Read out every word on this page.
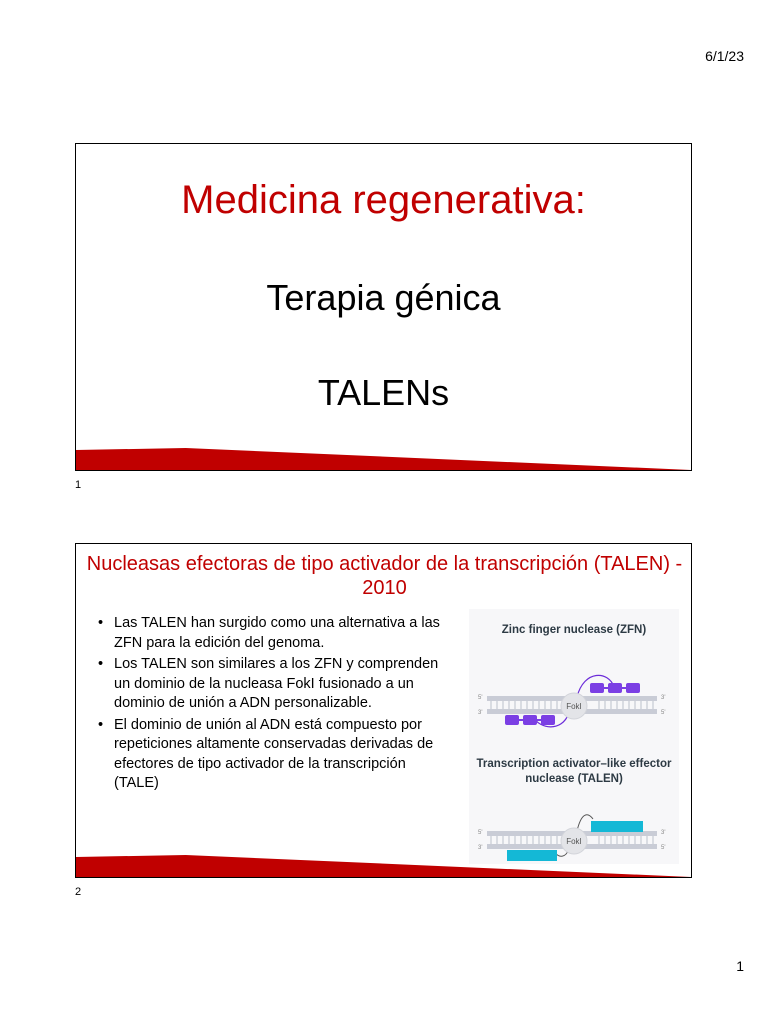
6/1/23
Medicina regenerativa:
Terapia génica
TALENs
1
Nucleasas efectoras de tipo activador de la transcripción (TALEN) - 2010
• Las TALEN han surgido como una alternativa a las ZFN para la edición del genoma.
• Los TALEN son similares a los ZFN y comprenden un dominio de la nucleasa FokI fusionado a un dominio de unión a ADN personalizable.
• El dominio de unión al ADN está compuesto por repeticiones altamente conservadas derivadas de efectores de tipo activador de la transcripción (TALE)
Zinc finger nuclease (ZFN)
Transcription activator–like effector nuclease (TALEN)
5'
3'
3'
5'
FokI
5'
3'
3'
5'
FokI
2
1
